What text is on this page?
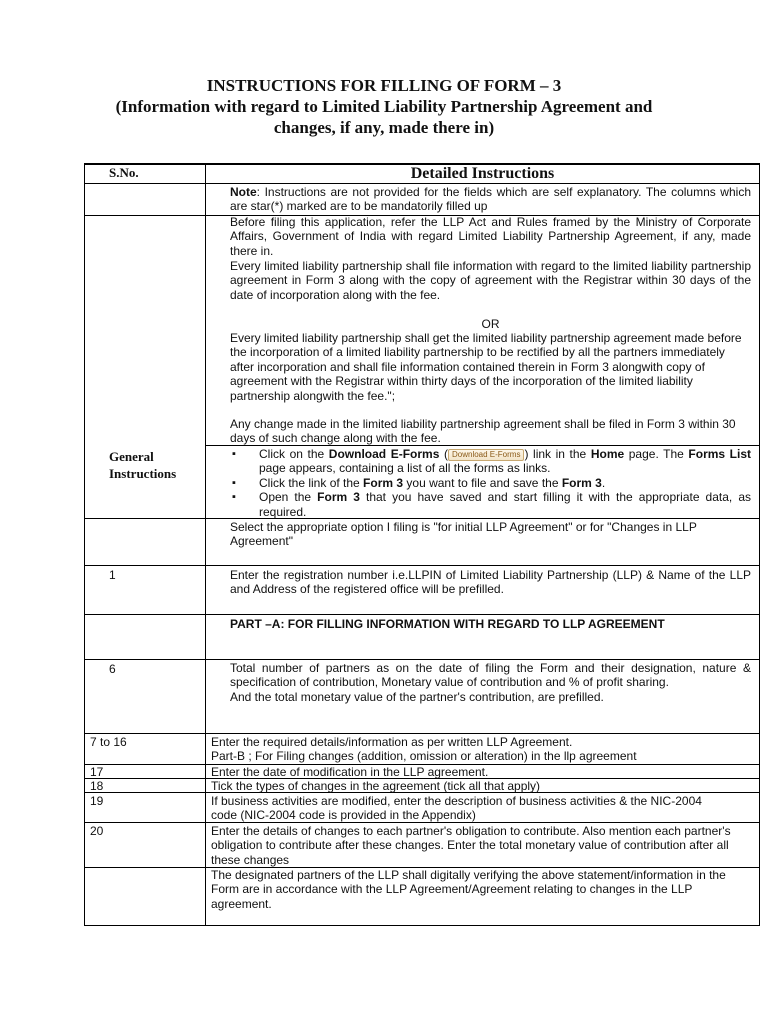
INSTRUCTIONS FOR FILLING OF FORM – 3
(Information with regard to Limited Liability Partnership Agreement and
changes, if any, made there in)
S.No.	Detailed Instructions
Note: Instructions are not provided for the fields which are self explanatory. The columns which are star(*) marked are to be mandatorily filled up
Before filing this application, refer the LLP Act and Rules framed by the Ministry of Corporate Affairs, Government of India with regard Limited Liability Partnership Agreement, if any, made there in.
Every limited liability partnership shall file information with regard to the limited liability partnership agreement in Form 3 along with the copy of agreement with the Registrar within 30 days of the date of incorporation along with the fee.
OR
Every limited liability partnership shall get the limited liability partnership agreement made before the incorporation of a limited liability partnership to be rectified by all the partners immediately after incorporation and shall file information contained therein in Form 3 alongwith copy of agreement with the Registrar within thirty days of the incorporation of the limited liability partnership alongwith the fee.";
Any change made in the limited liability partnership agreement shall be filed in Form 3 within 30 days of such change along with the fee.
General
Instructions
▪ Click on the Download E-Forms ( Download E-Forms ) link in the Home page. The Forms List page appears, containing a list of all the forms as links.
▪ Click the link of the Form 3 you want to file and save the Form 3.
▪ Open the Form 3 that you have saved and start filling it with the appropriate data, as required.
Select the appropriate option I filing is "for initial LLP Agreement" or for "Changes in LLP Agreement"
1	Enter the registration number i.e.LLPIN of Limited Liability Partnership (LLP) & Name of the LLP and Address of the registered office will be prefilled.
PART –A: FOR FILLING INFORMATION WITH REGARD TO LLP AGREEMENT
6	Total number of partners as on the date of filing the Form and their designation, nature & specification of contribution, Monetary value of contribution and % of profit sharing.
And the total monetary value of the partner's contribution, are prefilled.
7 to 16	Enter the required details/information as per written LLP Agreement.
Part-B ; For Filing changes (addition, omission or alteration) in the llp agreement
17	Enter the date of modification in the LLP agreement.
18	Tick the types of changes in the agreement (tick all that apply)
19	If business activities are modified, enter the description of business activities & the NIC-2004 code (NIC-2004 code is provided in the Appendix)
20	Enter the details of changes to each partner's obligation to contribute. Also mention each partner's obligation to contribute after these changes. Enter the total monetary value of contribution after all these changes
The designated partners of the LLP shall digitally verifying the above statement/information in the Form are in accordance with the LLP Agreement/Agreement relating to changes in the LLP agreement.
